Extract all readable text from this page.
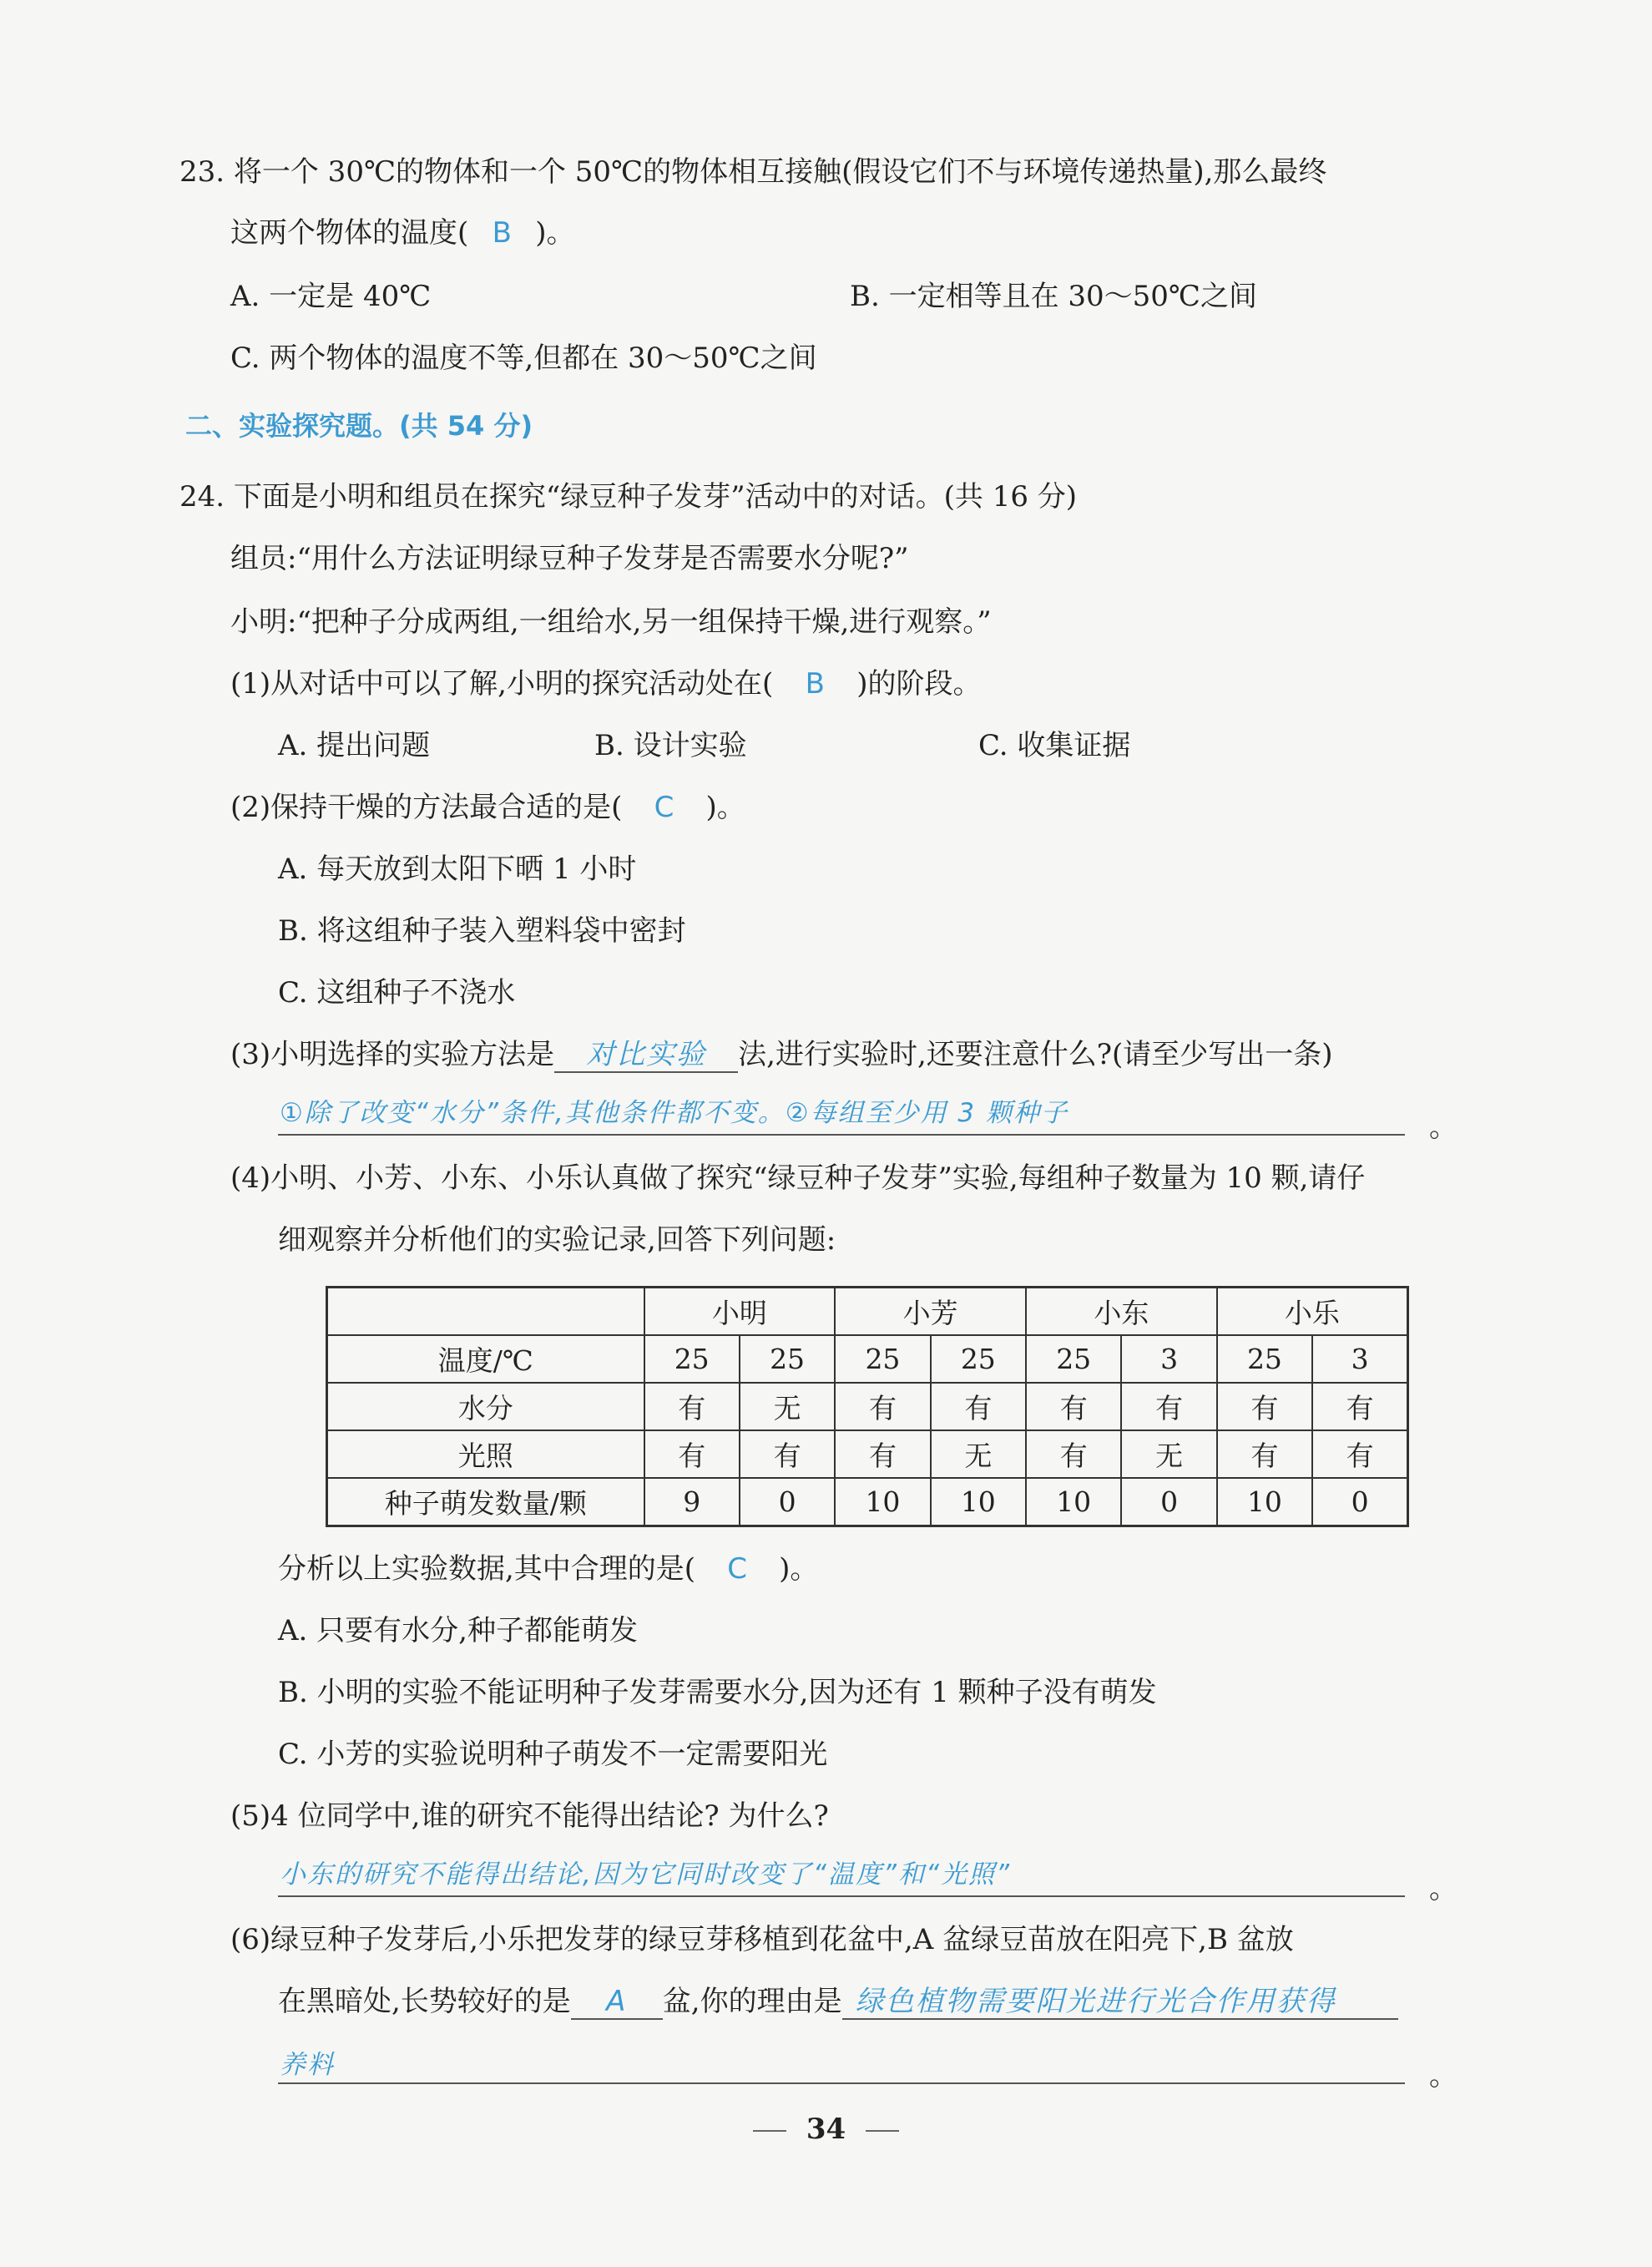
23. 将一个 30℃的物体和一个 50℃的物体相互接触(假设它们不与环境传递热量),那么最终
这两个物体的温度( B )。
A. 一定是 40℃	B. 一定相等且在 30～50℃之间
C. 两个物体的温度不等,但都在 30～50℃之间
二、实验探究题。(共 54 分)
24. 下面是小明和组员在探究“绿豆种子发芽”活动中的对话。(共 16 分)
组员:“用什么方法证明绿豆种子发芽是否需要水分呢?”
小明:“把种子分成两组,一组给水,另一组保持干燥,进行观察。”
(1)从对话中可以了解,小明的探究活动处在( B )的阶段。
A. 提出问题	B. 设计实验	C. 收集证据
(2)保持干燥的方法最合适的是( C )。
A. 每天放到太阳下晒 1 小时
B. 将这组种子装入塑料袋中密封
C. 这组种子不浇水
(3)小明选择的实验方法是 对比实验 法,进行实验时,还要注意什么?(请至少写出一条)
①除了改变“水分”条件,其他条件都不变。②每组至少用 3 颗种子	。
(4)小明、小芳、小东、小乐认真做了探究“绿豆种子发芽”实验,每组种子数量为 10 颗,请仔
细观察并分析他们的实验记录,回答下列问题:
	小明		小芳		小东		小乐	
温度/℃	25	25	25	25	25	3	25	3
水分	有	无	有	有	有	有	有	有
光照	有	有	有	无	有	无	有	有
种子萌发数量/颗	9	0	10	10	10	0	10	0
分析以上实验数据,其中合理的是( C )。
A. 只要有水分,种子都能萌发
B. 小明的实验不能证明种子发芽需要水分,因为还有 1 颗种子没有萌发
C. 小芳的实验说明种子萌发不一定需要阳光
(5)4 位同学中,谁的研究不能得出结论? 为什么?
小东的研究不能得出结论,因为它同时改变了“温度”和“光照”	。
(6)绿豆种子发芽后,小乐把发芽的绿豆芽移植到花盆中,A 盆绿豆苗放在阳亮下,B 盆放
在黑暗处,长势较好的是 A 盆,你的理由是 绿色植物需要阳光进行光合作用获得
养料	。
34
